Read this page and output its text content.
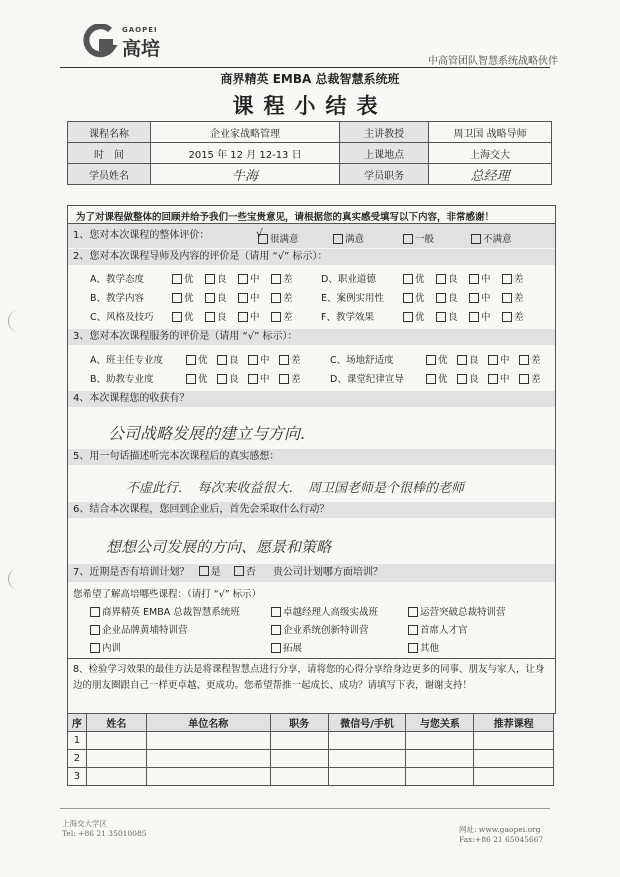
GAOPEI
高培
中高管团队智慧系统战略伙伴
商界精英 EMBA 总裁智慧系统班
课程小结表
课程名称	企业家战略管理	主讲教授	周卫国 战略导师
时　间	2015 年 12 月 12-13 日	上课地点	上海交大
学员姓名	牛海	学员职务	总经理
为了对课程做整体的回顾并给予我们一些宝贵意见，请根据您的真实感受填写以下内容，非常感谢！
1、您对本次课程的整体评价：	很满意	满意	一般	不满意
√
2、您对本次课程导师及内容的评价是（请用 “√” 标示）：
A、教学态度	优	良	中	差
B、教学内容	优	良	中	差
C、风格及技巧	优	良	中	差
D、职业道德	优	良	中	差
E、案例实用性	优	良	中	差
F、教学效果	优	良	中	差
3、您对本次课程服务的评价是（请用 “√” 标示）：
A、班主任专业度	优	良	中	差
B、助教专业度	优	良	中	差
C、场地舒适度	优	良	中	差
D、课堂纪律宣导	优	良	中	差
4、本次课程您的收获有？
公司战略发展的建立与方向.
5、用一句话描述听完本次课程后的真实感想：
不虚此行．　每次来收益很大．　周卫国老师是个很棒的老师
6、结合本次课程，您回到企业后，首先会采取什么行动？
想想公司发展的方向、愿景和策略
7、近期是否有培训计划？ 是	否 贵公司计划哪方面培训？
您希望了解高培哪些课程：（请打 “√” 标示）
商界精英 EMBA 总裁智慧系统班	卓越经理人高级实战班	运营突破总裁特训营
企业品牌黄埔特训营	企业系统创新特训营	首席人才官
内训	拓展	其他
8、检验学习效果的最佳方法是将课程智慧点进行分享，请将您的心得分享给身边更多的同事、朋友与家人，让身边的朋友圈跟自己一样更卓越、更成功。您希望帮推一起成长、成功？请填写下表，谢谢支持！
序	姓名	单位名称	职务	微信号/手机	与您关系	推荐课程
1						
2						
3						
上海交大学区
Tel: +86 21 35010085	网址: www.gaopei.org
Fax:+86 21 65045667
